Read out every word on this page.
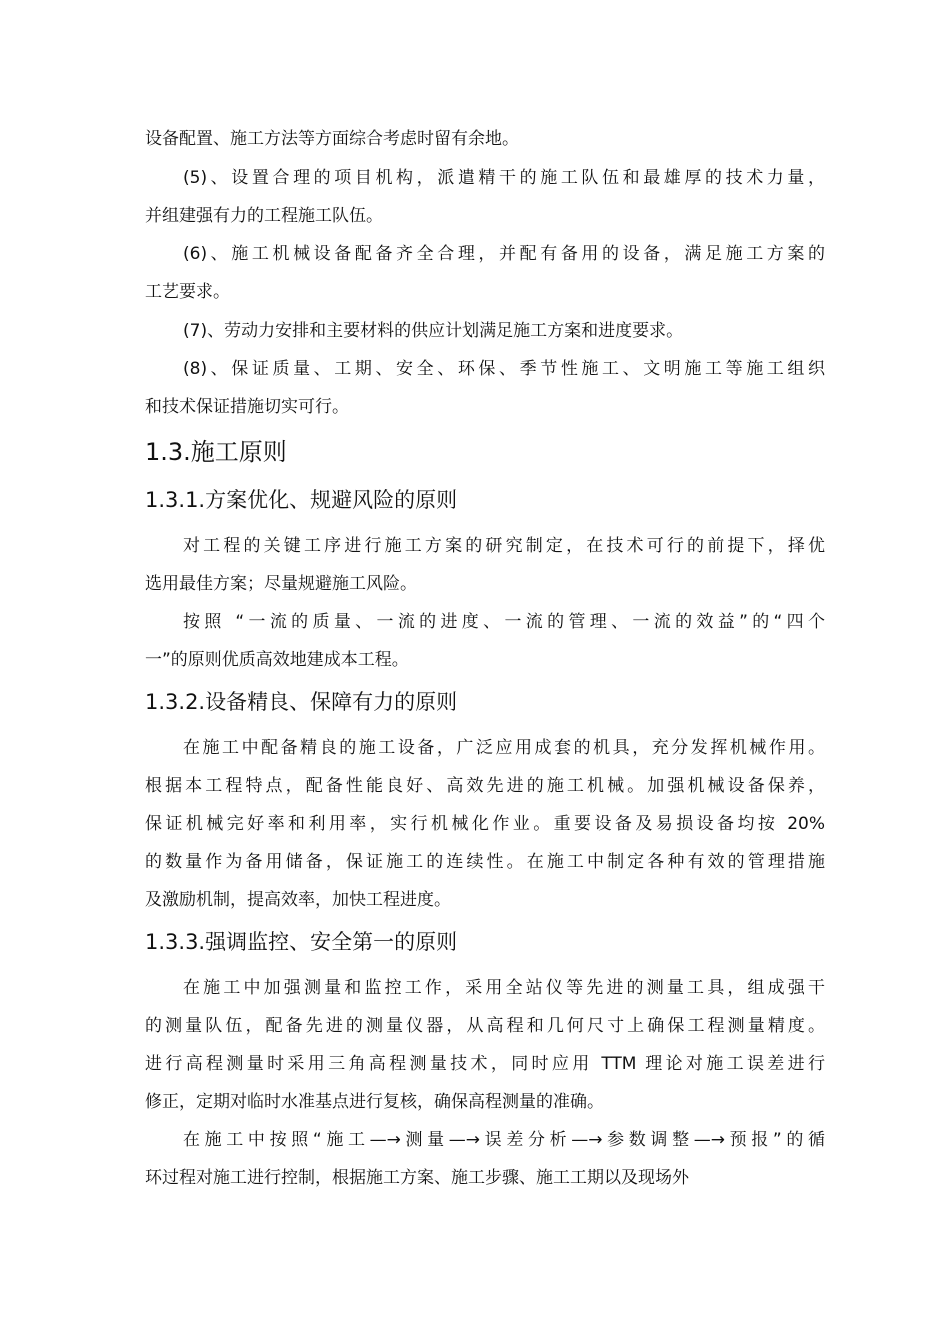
设备配置、施工方法等方面综合考虑时留有余地。
(5)、设置合理的项目机构，派遣精干的施工队伍和最雄厚的技术力量，
并组建强有力的工程施工队伍。
(6)、施工机械设备配备齐全合理，并配有备用的设备，满足施工方案的
工艺要求。
(7)、劳动力安排和主要材料的供应计划满足施工方案和进度要求。
(8)、保证质量、工期、安全、环保、季节性施工、文明施工等施工组织
和技术保证措施切实可行。
1.3.施工原则
1.3.1.方案优化、规避风险的原则
对工程的关键工序进行施工方案的研究制定，在技术可行的前提下，择优
选用最佳方案；尽量规避施工风险。
按照 “一流的质量、一流的进度、一流的管理、一流的效益”的“四个
一”的原则优质高效地建成本工程。
1.3.2.设备精良、保障有力的原则
在施工中配备精良的施工设备，广泛应用成套的机具，充分发挥机械作用。
根据本工程特点，配备性能良好、高效先进的施工机械。加强机械设备保养，
保证机械完好率和利用率，实行机械化作业。重要设备及易损设备均按 20%
的数量作为备用储备，保证施工的连续性。在施工中制定各种有效的管理措施
及激励机制，提高效率，加快工程进度。
1.3.3.强调监控、安全第一的原则
在施工中加强测量和监控工作，采用全站仪等先进的测量工具，组成强干
的测量队伍，配备先进的测量仪器，从高程和几何尺寸上确保工程测量精度。
进行高程测量时采用三角高程测量技术，同时应用 TTM 理论对施工误差进行
修正，定期对临时水准基点进行复核，确保高程测量的准确。
在施工中按照“施工—→测量—→误差分析—→参数调整—→预报”的循
环过程对施工进行控制，根据施工方案、施工步骤、施工工期以及现场外
